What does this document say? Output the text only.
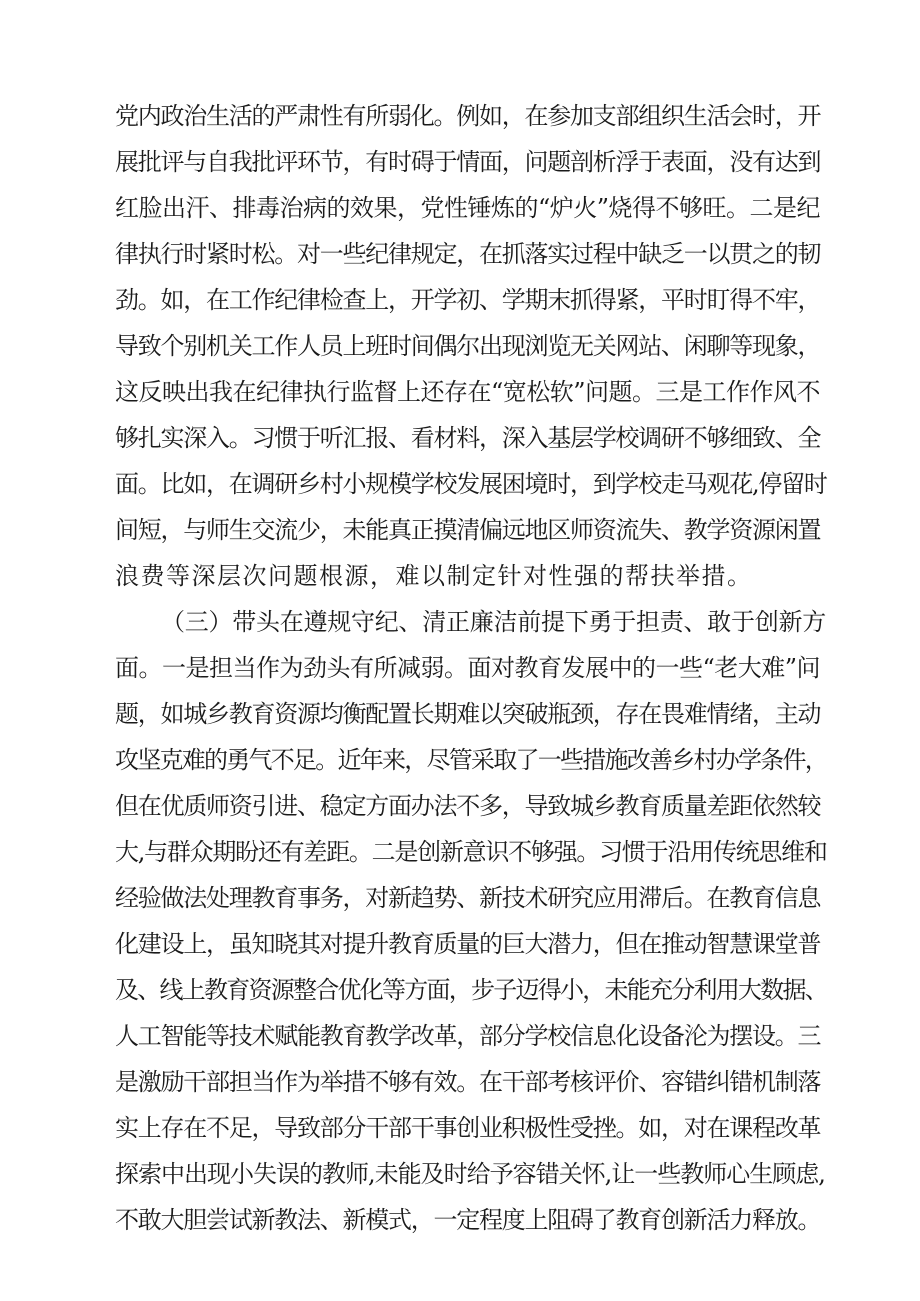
党内政治生活的严肃性有所弱化。例如，在参加支部组织生活会时，开
展批评与自我批评环节，有时碍于情面，问题剖析浮于表面，没有达到
红脸出汗、排毒治病的效果，党性锤炼的“炉火”烧得不够旺。二是纪
律执行时紧时松。对一些纪律规定，在抓落实过程中缺乏一以贯之的韧
劲。如，在工作纪律检查上，开学初、学期末抓得紧，平时盯得不牢，
导致个别机关工作人员上班时间偶尔出现浏览无关网站、闲聊等现象，
这反映出我在纪律执行监督上还存在“宽松软”问题。三是工作作风不
够扎实深入。习惯于听汇报、看材料，深入基层学校调研不够细致、全
面。比如，在调研乡村小规模学校发展困境时，到学校走马观花,停留时
间短，与师生交流少，未能真正摸清偏远地区师资流失、教学资源闲置
浪费等深层次问题根源，难以制定针对性强的帮扶举措。
（三）带头在遵规守纪、清正廉洁前提下勇于担责、敢于创新方
面。一是担当作为劲头有所减弱。面对教育发展中的一些“老大难”问
题，如城乡教育资源均衡配置长期难以突破瓶颈，存在畏难情绪，主动
攻坚克难的勇气不足。近年来，尽管采取了一些措施改善乡村办学条件，
但在优质师资引进、稳定方面办法不多，导致城乡教育质量差距依然较
大,与群众期盼还有差距。二是创新意识不够强。习惯于沿用传统思维和
经验做法处理教育事务，对新趋势、新技术研究应用滞后。在教育信息
化建设上，虽知晓其对提升教育质量的巨大潜力，但在推动智慧课堂普
及、线上教育资源整合优化等方面，步子迈得小，未能充分利用大数据、
人工智能等技术赋能教育教学改革，部分学校信息化设备沦为摆设。三
是激励干部担当作为举措不够有效。在干部考核评价、容错纠错机制落
实上存在不足，导致部分干部干事创业积极性受挫。如，对在课程改革
探索中出现小失误的教师,未能及时给予容错关怀,让一些教师心生顾虑,
不敢大胆尝试新教法、新模式，一定程度上阻碍了教育创新活力释放。
